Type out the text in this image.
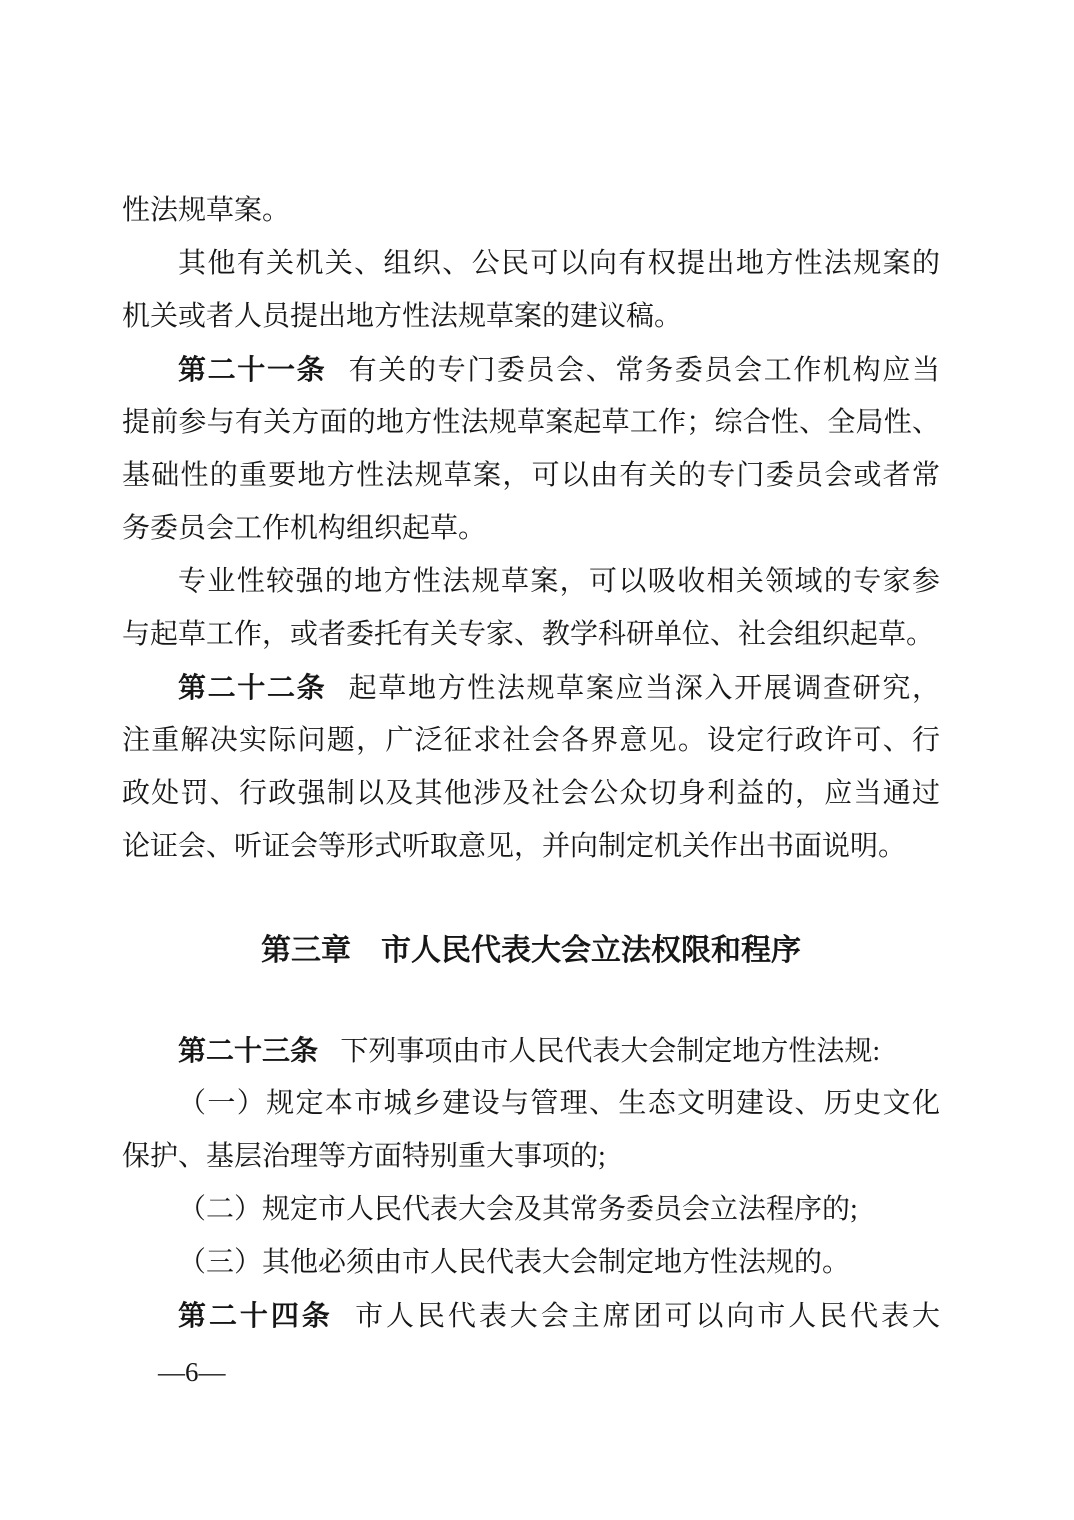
性法规草案。
其他有关机关、组织、公民可以向有权提出地方性法规案的
机关或者人员提出地方性法规草案的建议稿。
第二十一条 有关的专门委员会、常务委员会工作机构应当
提前参与有关方面的地方性法规草案起草工作；综合性、全局性、
基础性的重要地方性法规草案，可以由有关的专门委员会或者常
务委员会工作机构组织起草。
专业性较强的地方性法规草案，可以吸收相关领域的专家参
与起草工作，或者委托有关专家、教学科研单位、社会组织起草。
第二十二条 起草地方性法规草案应当深入开展调查研究，
注重解决实际问题，广泛征求社会各界意见。设定行政许可、行
政处罚、行政强制以及其他涉及社会公众切身利益的，应当通过
论证会、听证会等形式听取意见，并向制定机关作出书面说明。
第三章　市人民代表大会立法权限和程序
第二十三条 下列事项由市人民代表大会制定地方性法规:
（一）规定本市城乡建设与管理、生态文明建设、历史文化
保护、基层治理等方面特别重大事项的;
（二）规定市人民代表大会及其常务委员会立法程序的;
（三）其他必须由市人民代表大会制定地方性法规的。
第二十四条 市人民代表大会主席团可以向市人民代表大
—6—
